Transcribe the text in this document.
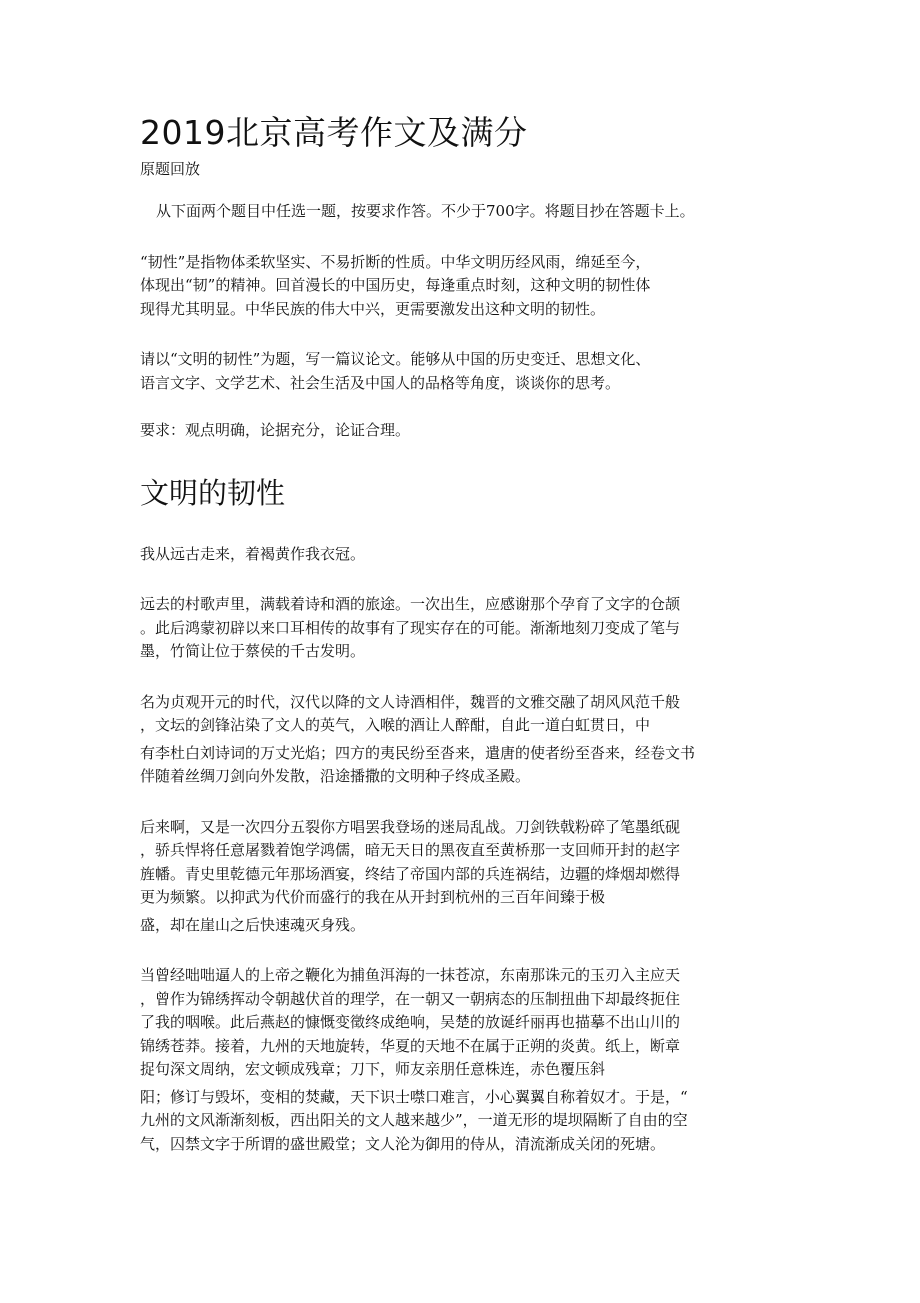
2019北京高考作文及满分

原题回放

从下面两个题目中任选一题，按要求作答。不少于700字。将题目抄在答题卡上。

“韧性”是指物体柔软坚实、不易折断的性质。中华文明历经风雨，绵延至今，
体现出“韧”的精神。回首漫长的中国历史，每逢重点时刻，这种文明的韧性体
现得尤其明显。中华民族的伟大中兴，更需要激发出这种文明的韧性。

请以“文明的韧性”为题，写一篇议论文。能够从中国的历史变迁、思想文化、
语言文字、文学艺术、社会生活及中国人的品格等角度，谈谈你的思考。

要求：观点明确，论据充分，论证合理。

文明的韧性

我从远古走来，着褐黄作我衣冠。

远去的村歌声里，满载着诗和酒的旅途。一次出生，应感谢那个孕育了文字的仓颉
。此后鸿蒙初辟以来口耳相传的故事有了现实存在的可能。渐渐地刻刀变成了笔与
墨，竹简让位于蔡侯的千古发明。

名为贞观开元的时代，汉代以降的文人诗酒相伴，魏晋的文雅交融了胡风风范千般
，文坛的剑锋沾染了文人的英气，入喉的酒让人醉酣，自此一道白虹贯日，中
有李杜白刘诗词的万丈光焰；四方的夷民纷至沓来，遣唐的使者纷至沓来，经卷文书
伴随着丝绸刀剑向外发散，沿途播撒的文明种子终成圣殿。

后来啊，又是一次四分五裂你方唱罢我登场的迷局乱战。刀剑铁戟粉碎了笔墨纸砚
，骄兵悍将任意屠戮着饱学鸿儒，暗无天日的黑夜直至黄桥那一支回师开封的赵字
旌幡。青史里乾德元年那场酒宴，终结了帝国内部的兵连祸结，边疆的烽烟却燃得
更为频繁。以抑武为代价而盛行的我在从开封到杭州的三百年间臻于极
盛，却在崖山之后快速魂灭身残。

当曾经咄咄逼人的上帝之鞭化为捕鱼洱海的一抹苍凉，东南那诛元的玉刃入主应天
，曾作为锦绣挥动令朝越伏首的理学，在一朝又一朝病态的压制扭曲下却最终扼住
了我的咽喉。此后燕赵的慷慨变徵终成绝响，吴楚的放诞纤丽再也描摹不出山川的
锦绣苍莽。接着，九州的天地旋转，华夏的天地不在属于正朔的炎黄。纸上，断章
捉句深文周纳，宏文顿成残章；刀下，师友亲朋任意株连，赤色覆压斜
阳；修订与毁坏，变相的焚藏，天下识士噤口难言，小心翼翼自称着奴才。于是，“
九州的文风渐渐刻板，西出阳关的文人越来越少”，一道无形的堤坝隔断了自由的空
气，囚禁文字于所谓的盛世殿堂；文人沦为御用的侍从，清流渐成关闭的死塘。
